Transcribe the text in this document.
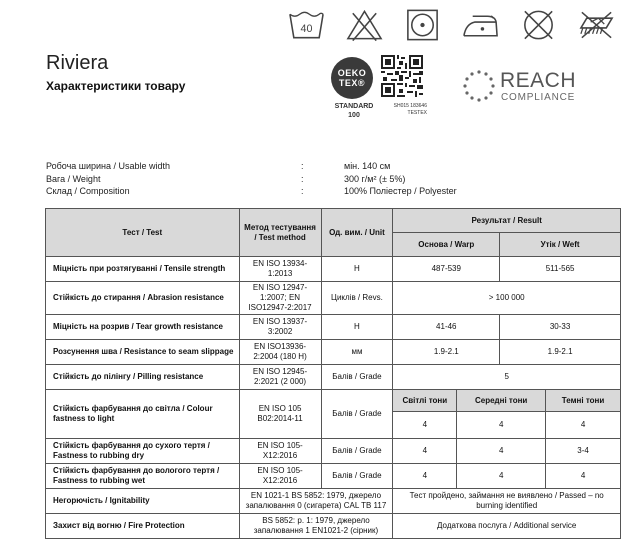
40
Riviera
Характеристики товару
OEKO
TEX®
STANDARD
100
SH015 183646
TESTEX
REACH
COMPLIANCE
Робоча ширина / Usable width	:	мін. 140 см
Вага / Weight	:	300 г/м² (± 5%)
Склад / Composition	:	100% Поліестер / Polyester
Тест / Test	Метод тестування / Test method	Од. вим. / Unit	Результат / Result			
			Основа / Warp		Утік / Weft	
Міцність при розтягуванні / Tensile strength	EN ISO 13934-1:2013	Н	487-539		511-565	
Стійкість до стирання / Abrasion resistance	EN ISO 12947-1:2007; EN ISO12947-2:2017	Циклів / Revs.	> 100 000			
Міцність на розрив / Tear growth resistance	EN ISO 13937-3:2002	Н	41-46		30-33	
Розсунення шва / Resistance to seam slippage	EN ISO13936-2:2004 (180 Н)	мм	1.9-2.1		1.9-2.1	
Стійкість до пілінгу / Pilling resistance	EN ISO 12945-2:2021 (2 000)	Балів / Grade	5			
Стійкість фарбування до світла / Colour fastness to light	EN ISO 105 B02:2014-11	Балів / Grade	Світлі тони	Середні тони		Темні тони
			4	4		4
Стійкість фарбування до сухого тертя / Fastness to rubbing dry	EN ISO 105-X12:2016	Балів / Grade	4	4		3-4
Стійкість фарбування до вологого тертя / Fastness to rubbing wet	EN ISO 105-X12:2016	Балів / Grade	4	4		4
Негорючість / Ignitability	EN 1021-1 BS 5852: 1979, джерело запалювання 0 (сигарета) CAL TB 117		Тест пройдено, займання не виявлено / Passed – no burning identified			
Захист від вогню / Fire Protection	BS 5852: р. 1: 1979, джерело запалювання 1 EN1021-2 (сірник)		Додаткова послуга / Additional service			
